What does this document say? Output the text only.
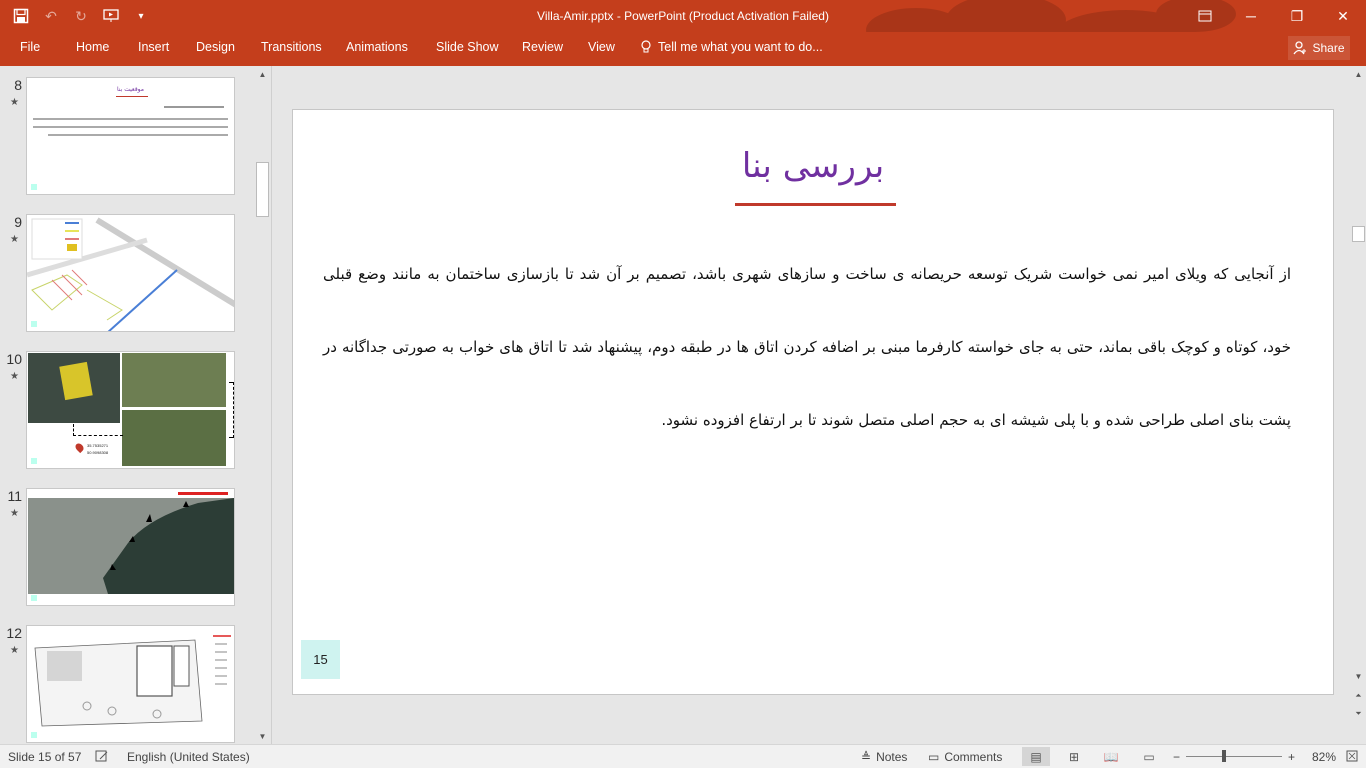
↶	↻	▾	Villa-Amir.pptx - PowerPoint (Product Activation Failed)	─	❐	✕
File	Home Insert Design Transitions Animations Slide Show Review View	Tell me what you want to do...	Share
8
★
موقعیت بنا
9
★
10
★
35.7535271
50.9098308
11
★
12
★
▲
▼
بررسی بنا
از آنجایی که ویلای امیر نمی خواست شریک توسعه حریصانه ی ساخت و سازهای شهری باشد، تصمیم بر آن شد تا بازسازی ساختمان به مانند وضع قبلی خود، کوتاه و کوچک باقی بماند، حتی به جای خواسته کارفرما مبنی بر اضافه کردن اتاق ها در طبقه دوم، پیشنهاد شد تا اتاق های خواب به صورتی جداگانه در پشت بنای اصلی طراحی شده و با پلی شیشه ای به حجم اصلی متصل شوند تا بر ارتفاع افزوده نشود.
15
▲
▼
⏶
⏷
Slide 15 of 57	English (United States)	≜ Notes ▭ Comments	▤	⊞	📖	▭	−	+ 82%
